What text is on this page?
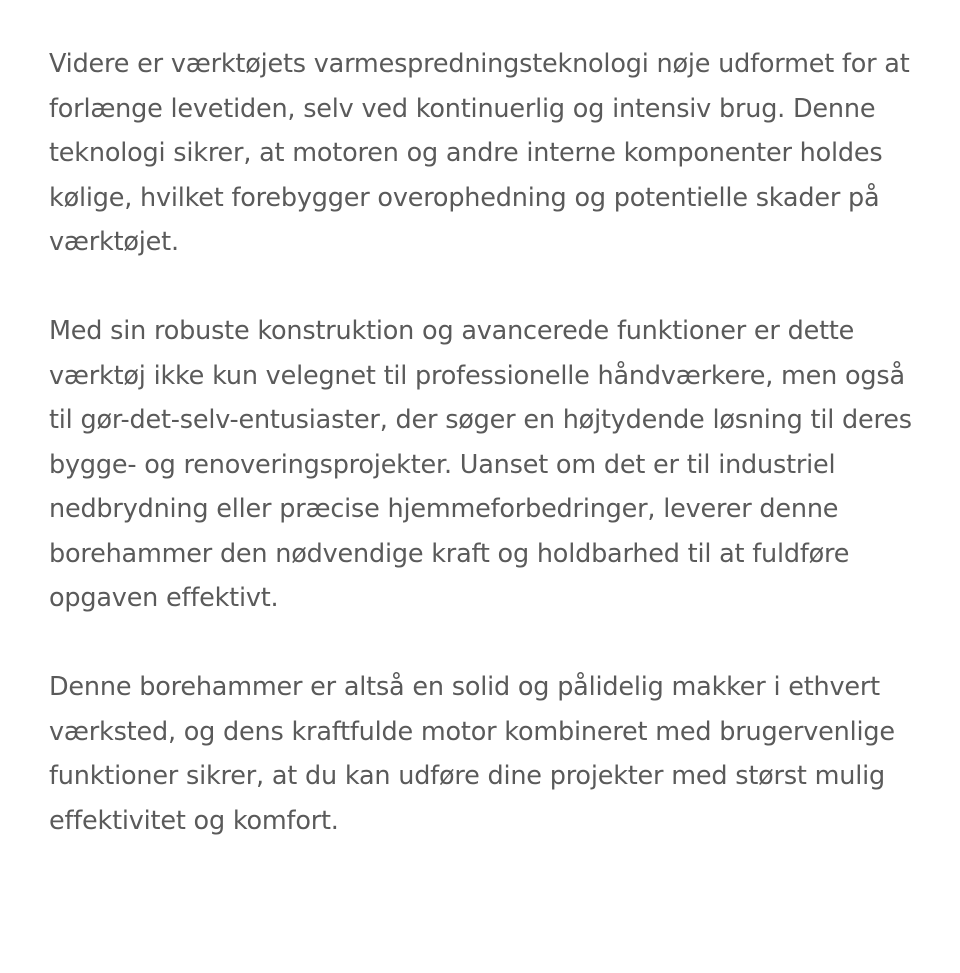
Videre er værktøjets varmespredningsteknologi nøje udformet for at forlænge levetiden, selv ved kontinuerlig og intensiv brug. Denne teknologi sikrer, at motoren og andre interne komponenter holdes kølige, hvilket forebygger overophedning og potentielle skader på værktøjet.

Med sin robuste konstruktion og avancerede funktioner er dette værktøj ikke kun velegnet til professionelle håndværkere, men også til gør-det-selv-entusiaster, der søger en højtydende løsning til deres bygge- og renoveringsprojekter. Uanset om det er til industriel nedbrydning eller præcise hjemmeforbedringer, leverer denne borehammer den nødvendige kraft og holdbarhed til at fuldføre opgaven effektivt.

Denne borehammer er altså en solid og pålidelig makker i ethvert værksted, og dens kraftfulde motor kombineret med brugervenlige funktioner sikrer, at du kan udføre dine projekter med størst mulig effektivitet og komfort.
